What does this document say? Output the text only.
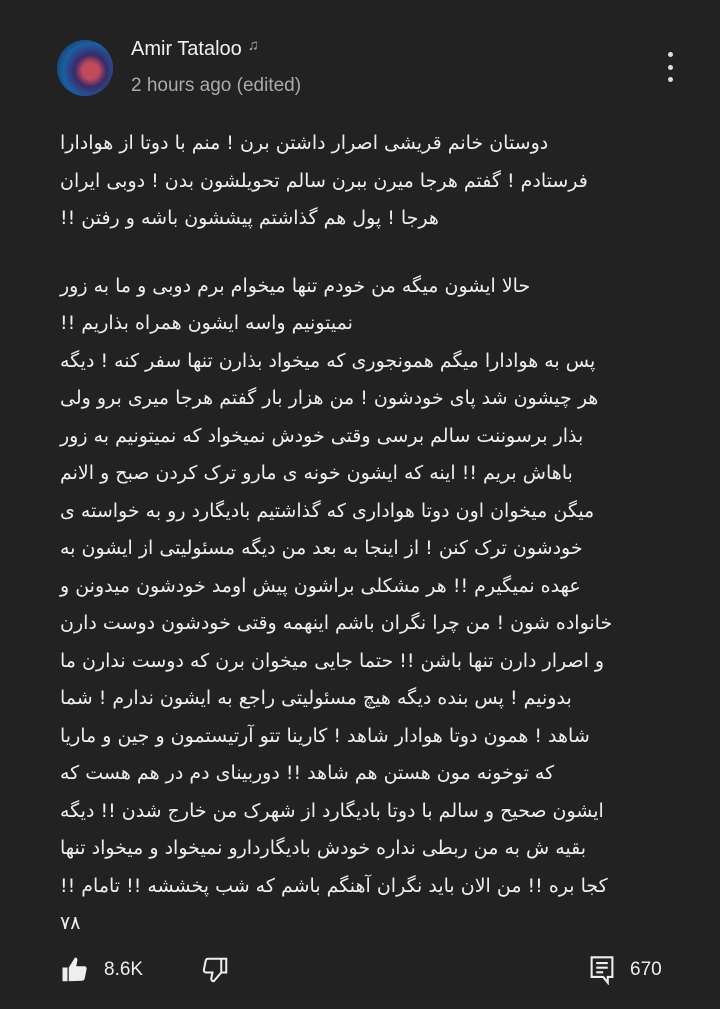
Amir Tataloo ♫
2 hours ago (edited)
دوستان خانم قریشی اصرار داشتن برن ! منم با دوتا از هوادارا
فرستادم ! گفتم هرجا میرن ببرن سالم تحویلشون بدن ! دوبی ایران
هرجا ! پول هم گذاشتم پیششون باشه و رفتن !!
حالا ایشون میگه من خودم تنها میخوام برم دوبی و ما به زور
نمیتونیم واسه ایشون همراه بذاریم !!
پس به هوادارا میگم همونجوری که میخواد بذارن تنها سفر کنه ! دیگه
هر چیشون شد پای خودشون ! من هزار بار گفتم هرجا میری برو ولی
بذار برسوننت سالم برسی وقتی خودش نمیخواد که نمیتونیم به زور
باهاش بریم !! اینه که ایشون خونه ی مارو ترک کردن صبح و الانم
میگن میخوان اون دوتا هواداری که گذاشتیم بادیگارد رو به خواسته ی
خودشون ترک کنن ! از اینجا به بعد من دیگه مسئولیتی از ایشون به
عهده نمیگیرم !! هر مشکلی براشون پیش اومد خودشون میدونن و
خانواده شون ! من چرا نگران باشم اینهمه وقتی خودشون دوست دارن
و اصرار دارن تنها باشن !! حتما جایی میخوان برن که دوست ندارن ما
بدونیم ! پس بنده دیگه هیچ مسئولیتی راجع به ایشون ندارم ! شما
شاهد ! همون دوتا هوادار شاهد ! کارینا تتو آرتیستمون و جین و ماریا
که توخونه مون هستن هم شاهد !! دوربینای دم در هم هست که
ایشون صحیح و سالم با دوتا بادیگارد از شهرک من خارج شدن !! دیگه
بقیه ش به من ربطی نداره خودش بادیگاردارو نمیخواد و میخواد تنها
کجا بره !! من الان باید نگران آهنگم باشم که شب پخششه !! تامام !!
۷۸
8.6K	670
